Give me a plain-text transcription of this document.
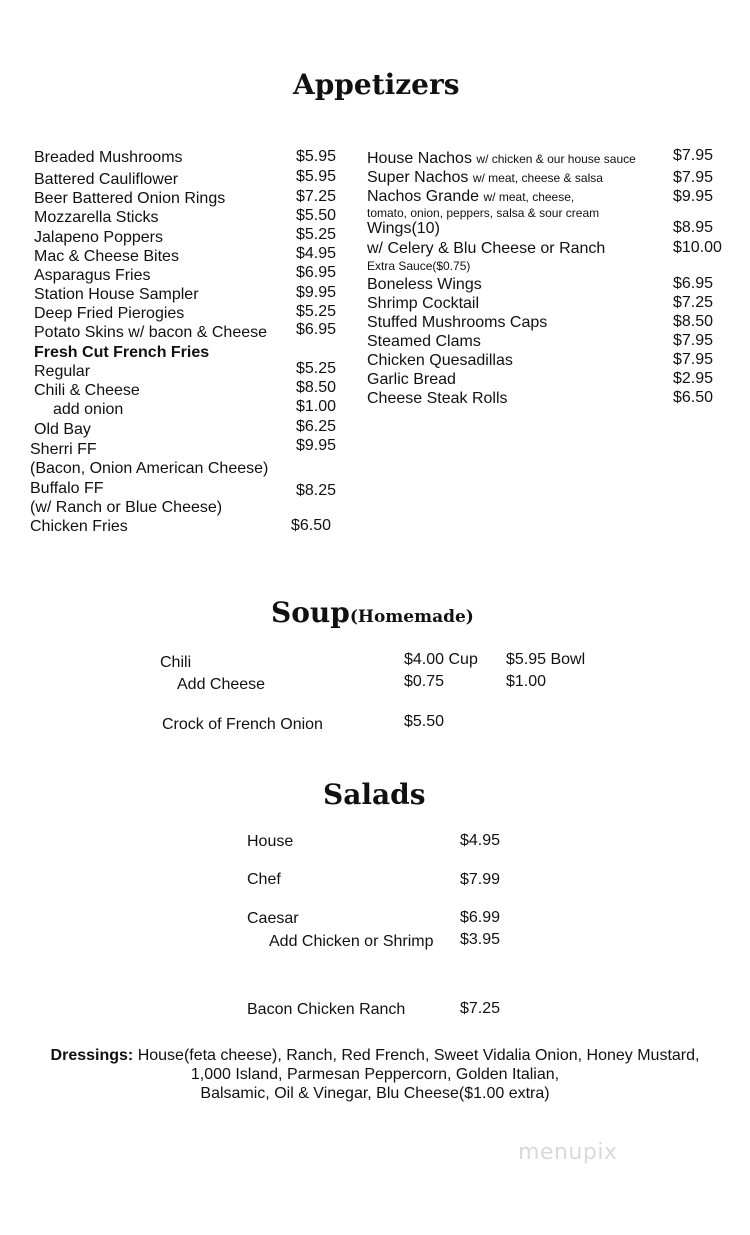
Appetizers
Breaded Mushrooms	$5.95
Battered Cauliflower	$5.95
Beer Battered Onion Rings	$7.25
Mozzarella Sticks	$5.50
Jalapeno Poppers	$5.25
Mac & Cheese Bites	$4.95
Asparagus Fries	$6.95
Station House Sampler	$9.95
Deep Fried Pierogies	$5.25
Potato Skins w/ bacon & Cheese $6.95
Fresh Cut French Fries
Regular	$5.25
Chili & Cheese	$8.50
add onion	$1.00
Old Bay	$6.25
Sherri FF	$9.95
(Bacon, Onion American Cheese)
Buffalo FF	$8.25
(w/ Ranch or Blue Cheese)
Chicken Fries	$6.50
House Nachos w/ chicken & our house sauce $7.95
Super Nachos w/ meat, cheese & salsa	$7.95
Nachos Grande w/ meat, cheese,	$9.95
tomato, onion, peppers, salsa & sour cream
Wings(10)	$8.95
w/ Celery & Blu Cheese or Ranch	$10.00
Extra Sauce($0.75)
Boneless Wings	$6.95
Shrimp Cocktail	$7.25
Stuffed Mushrooms Caps	$8.50
Steamed Clams	$7.95
Chicken Quesadillas	$7.95
Garlic Bread	$2.95
Cheese Steak Rolls	$6.50
Soup(Homemade)
Chili	$4.00 Cup $5.95 Bowl
Add Cheese	$0.75	$1.00
Crock of French Onion	$5.50
Salads
House	$4.95
Chef	$7.99
Caesar	$6.99
Add Chicken or Shrimp $3.95
Bacon Chicken Ranch	$7.25
Dressings: House(feta cheese), Ranch, Red French, Sweet Vidalia Onion, Honey Mustard,
1,000 Island, Parmesan Peppercorn, Golden Italian,
Balsamic, Oil & Vinegar, Blu Cheese($1.00 extra)
menupix
